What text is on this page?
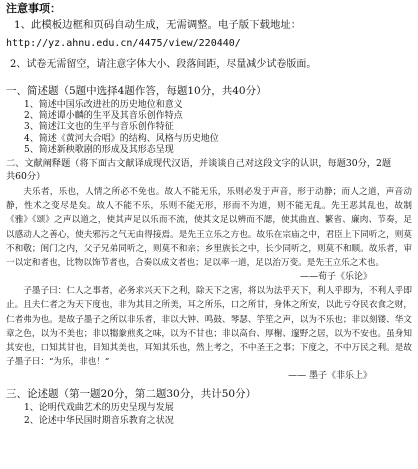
注意事项：
1、此模板边框和页码自动生成，无需调整。电子版下载地址：
http://yz.ahnu.edu.cn/4475/view/220440/
2、试卷无需留空，请注意字体大小、段落间距，尽量减少试卷版面。
一、简述题（5题中选择4题作答，每题10分，共40分）
1、简述中国乐改进社的历史地位和意义
2、简述谭小麟的生平及其音乐创作特点
3、简述江文也的生平与音乐创作特征
4、简述《黄河大合唱》的结构、风格与历史地位
5、简述新秧歌剧的形成及其形态呈现
二、文献阐释题（将下面古文献译成现代汉语，并谈谈自己对这段文字的认识，每题30分，2题
共60分）

夫乐者，乐也，人情之所必不免也。故人不能无乐，乐则必发于声音，形于动静；而人之道，声音动静，性术之变尽是矣。故人不能不乐，乐则不能无形，形而不为道，则不能无乱。先王恶其乱也，故制《雅》《颂》之声以道之，使其声足以乐而不流，使其文足以辨而不諰，使其曲直、繁省、廉肉、节奏，足以感动人之善心，使夫邪污之气无由得接焉。是先王立乐之方也。故乐在宗庙之中，君臣上下同听之，则莫不和敬；闺门之内，父子兄弟同听之，则莫不和亲；乡里族长之中，长少同听之，则莫不和顺。故乐者，审一以定和者也，比物以饰节者也，合奏以成文者也；足以率一道，足以治万变。是先王立乐之术也。

——荀子《乐论》

子墨子曰：仁人之事者，必务求兴天下之利，除天下之害，将以为法乎天下，利人乎即为，不利人乎即止。且夫仁者之为天下度也，非为其目之所美，耳之所乐，口之所甘，身体之所安，以此亏夺民衣食之财，仁者弗为也。是故子墨子之所以非乐者，非以大钟、鸣鼓、琴瑟、竽笙之声，以为不乐也；非以刻镂、华文章之色，以为不美也；非以犓豢煎炙之味，以为不甘也；非以高台、厚榭、邃野之居，以为不安也。虽身知其安也，口知其甘也，目知其美也，耳知其乐也，然上考之，不中圣王之事；下度之，不中万民之利。是故子墨子曰：“为乐，非也！”

—— 墨子《非乐上》
三、论述题（第一题20分，第二题30分，共计50分）
1、论明代戏曲艺术的历史呈现与发展
2、论述中华民国时期音乐教育之状况
